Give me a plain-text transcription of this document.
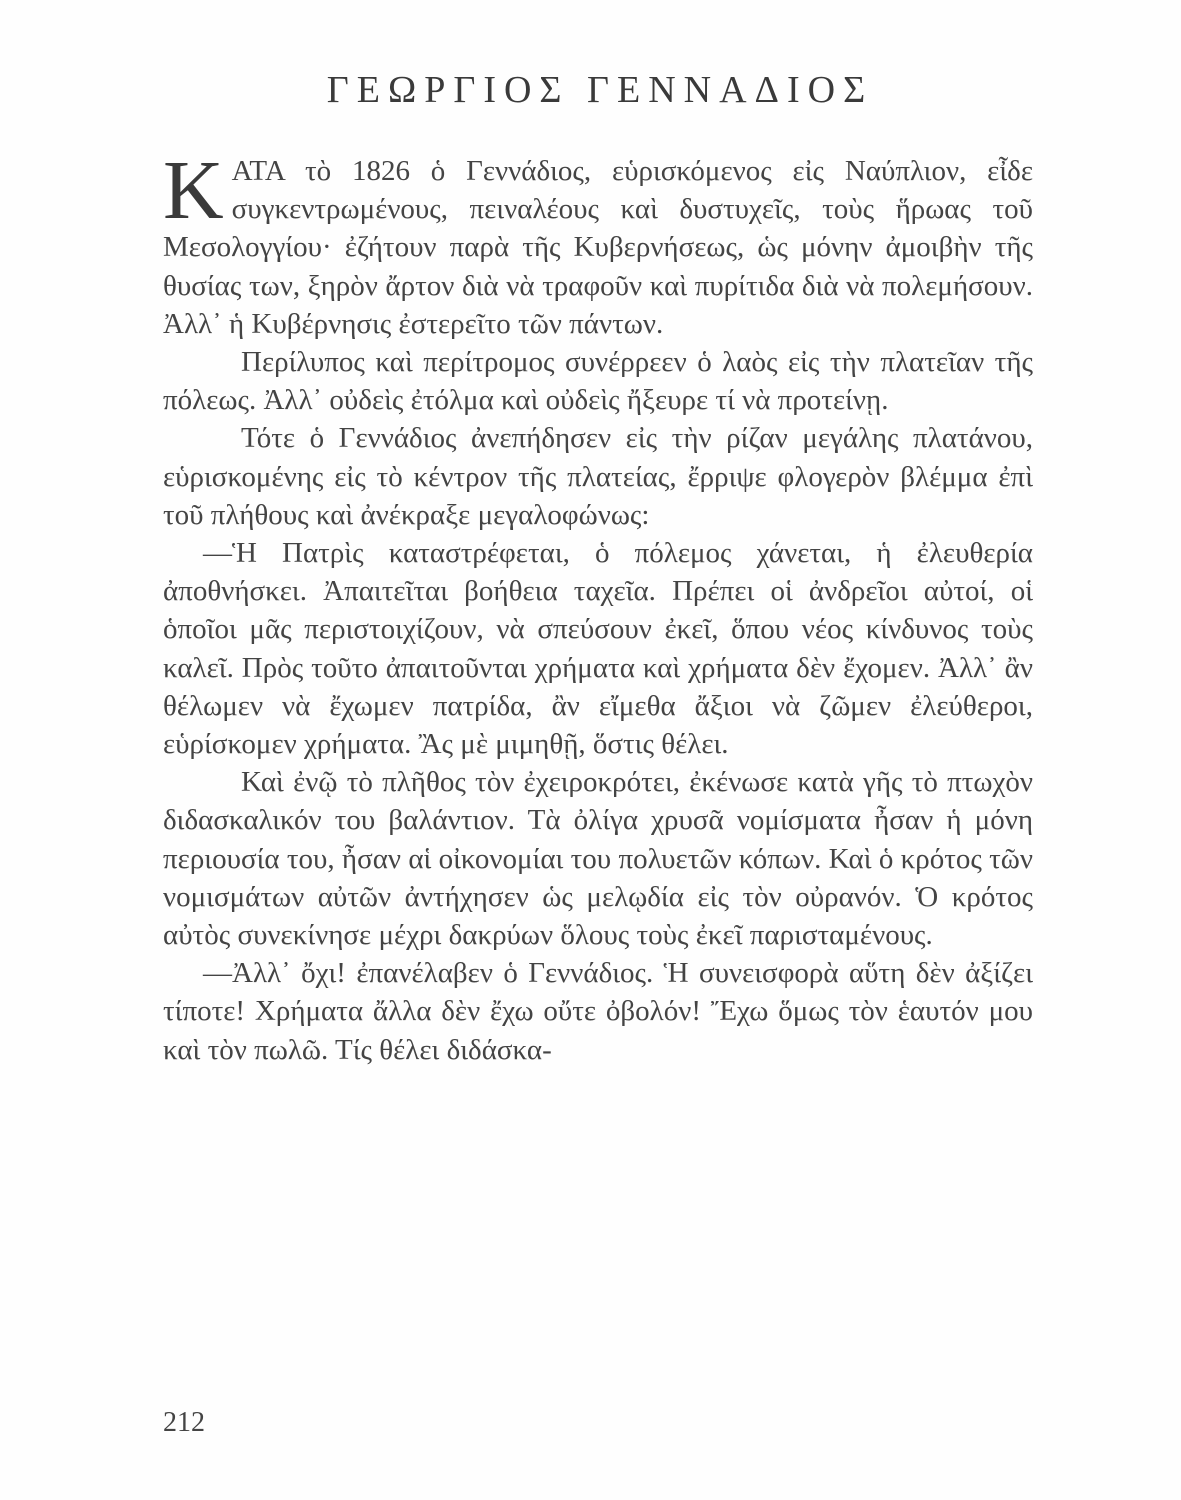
ΓΕΩΡΓΙΟΣ ΓΕΝΝΑΔΙΟΣ

ΚΑΤΑ τὸ 1826 ὁ Γεννάδιος, εὑρισκόμενος εἰς Ναύπλιον, εἶδε συγκεντρωμένους, πειναλέους καὶ δυστυχεῖς, τοὺς ἥρωας τοῦ Μεσολογγίου· ἐζήτουν παρὰ τῆς Κυβερνήσεως, ὡς μόνην ἀμοιβὴν τῆς θυσίας των, ξηρὸν ἄρτον διὰ νὰ τραφοῦν καὶ πυρίτιδα διὰ νὰ πολεμήσουν. Ἀλλ᾽ ἡ Κυβέρνησις ἐστερεῖτο τῶν πάντων.

Περίλυπος καὶ περίτρομος συνέρρεεν ὁ λαὸς εἰς τὴν πλατεῖαν τῆς πόλεως. Ἀλλ᾽ οὐδεὶς ἐτόλμα καὶ οὐδεὶς ἤξευρε τί νὰ προτείνῃ.

Τότε ὁ Γεννάδιος ἀνεπήδησεν εἰς τὴν ρίζαν μεγάλης πλατάνου, εὑρισκομένης εἰς τὸ κέντρον τῆς πλατείας, ἔρριψε φλογερὸν βλέμμα ἐπὶ τοῦ πλήθους καὶ ἀνέκραξε μεγαλοφώνως:

—Ἡ Πατρὶς καταστρέφεται, ὁ πόλεμος χάνεται, ἡ ἐλευθερία ἀποθνήσκει. Ἀπαιτεῖται βοήθεια ταχεῖα. Πρέπει οἱ ἀνδρεῖοι αὐτοί, οἱ ὁποῖοι μᾶς περιστοιχίζουν, νὰ σπεύσουν ἐκεῖ, ὅπου νέος κίνδυνος τοὺς καλεῖ. Πρὸς τοῦτο ἀπαιτοῦνται χρήματα καὶ χρήματα δὲν ἔχομεν. Ἀλλ᾽ ἂν θέλωμεν νὰ ἔχωμεν πατρίδα, ἂν εἴμεθα ἄξιοι νὰ ζῶμεν ἐλεύθεροι, εὑρίσκομεν χρήματα. Ἂς μὲ μιμηθῇ, ὅστις θέλει.

Καὶ ἐνῷ τὸ πλῆθος τὸν ἐχειροκρότει, ἐκένωσε κατὰ γῆς τὸ πτωχὸν διδασκαλικόν του βαλάντιον. Τὰ ὀλίγα χρυσᾶ νομίσματα ἦσαν ἡ μόνη περιουσία του, ἦσαν αἱ οἰκονομίαι του πολυετῶν κόπων. Καὶ ὁ κρότος τῶν νομισμάτων αὐτῶν ἀντήχησεν ὡς μελῳδία εἰς τὸν οὐρανόν. Ὁ κρότος αὐτὸς συνεκίνησε μέχρι δακρύων ὅλους τοὺς ἐκεῖ παρισταμένους.

—Ἀλλ᾽ ὄχι! ἐπανέλαβεν ὁ Γεννάδιος. Ἡ συνεισφορὰ αὕτη δὲν ἀξίζει τίποτε! Χρήματα ἄλλα δὲν ἔχω οὔτε ὀβολόν! Ἔχω ὅμως τὸν ἑαυτόν μου καὶ τὸν πωλῶ. Τίς θέλει διδάσκα-

212
